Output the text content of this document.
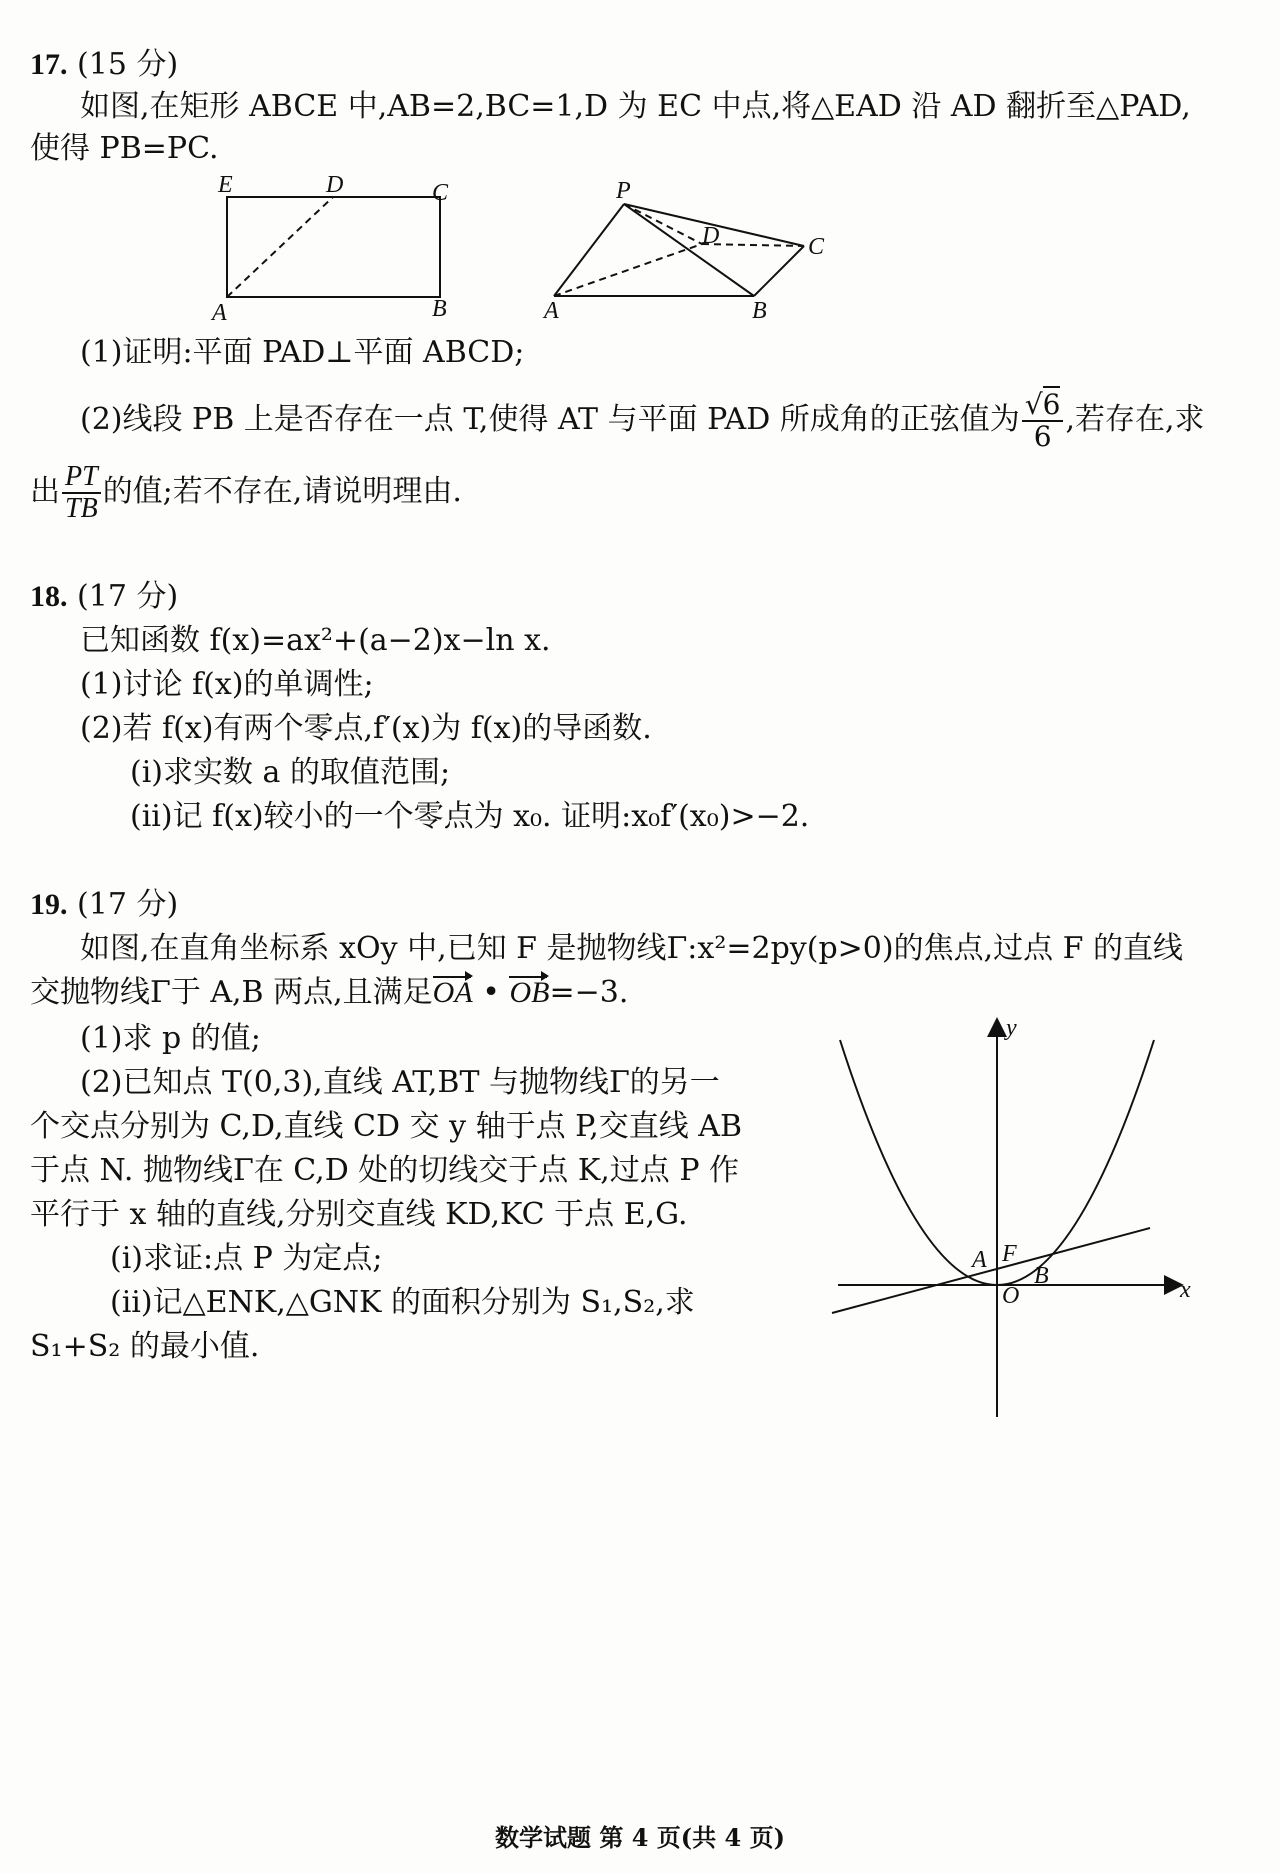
17. (15 分)
如图,在矩形 ABCE 中,AB=2,BC=1,D 为 EC 中点,将△EAD 沿 AD 翻折至△PAD,
使得 PB=PC.
E	D	C
A	B
P
D	C
A	B
(1)证明:平面 PAD⊥平面 ABCD;
(2)线段 PB 上是否存在一点 T,使得 AT 与平面 PAD 所成角的正弦值为 $\frac{√6}{6}$ ,若存在,求
出 $\frac{PT}{TB}$ 的值;若不存在,请说明理由.
18. (17 分)
已知函数 f(x)=ax²+(a−2)x−ln x.
(1)讨论 f(x)的单调性;
(2)若 f(x)有两个零点,f′(x)为 f(x)的导函数.
(i)求实数 a 的取值范围;
(ii)记 f(x)较小的一个零点为 x₀. 证明:x₀f′(x₀)>−2.
19. (17 分)
如图,在直角坐标系 xOy 中,已知 F 是抛物线Γ:x²=2py(p>0)的焦点,过点 F 的直线
交抛物线Γ于 A,B 两点,且满足OA • OB=−3.
(1)求 p 的值;
(2)已知点 T(0,3),直线 AT,BT 与抛物线Γ的另一
个交点分别为 C,D,直线 CD 交 y 轴于点 P,交直线 AB
于点 N. 抛物线Γ在 C,D 处的切线交于点 K,过点 P 作
平行于 x 轴的直线,分别交直线 KD,KC 于点 E,G.
(i)求证:点 P 为定点;
(ii)记△ENK,△GNK 的面积分别为 S₁,S₂,求
S₁+S₂ 的最小值.
y
x
O
A F
B
数学试题 第 4 页(共 4 页)
